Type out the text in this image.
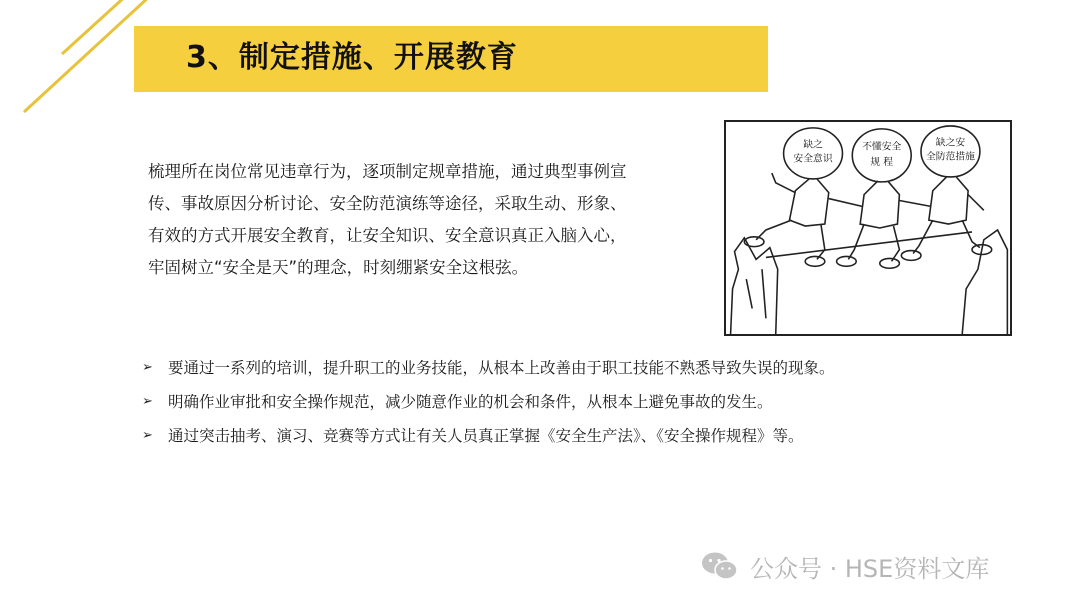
3、制定措施、开展教育

梳理所在岗位常见违章行为，逐项制定规章措施，通过典型事例宣

传、事故原因分析讨论、安全防范演练等途径，采取生动、形象、

有效的方式开展安全教育，让安全知识、安全意识真正入脑入心，

牢固树立“安全是天”的理念，时刻绷紧安全这根弦。

缺之
安全意识
不懂安全
规 程
缺之安
全防范措施
➢ 要通过一系列的培训，提升职工的业务技能，从根本上改善由于职工技能不熟悉导致失误的现象。
➢ 明确作业审批和安全操作规范，减少随意作业的机会和条件，从根本上避免事故的发生。
➢ 通过突击抽考、演习、竞赛等方式让有关人员真正掌握《安全生产法》、《安全操作规程》等。
公众号 · HSE资料文库
